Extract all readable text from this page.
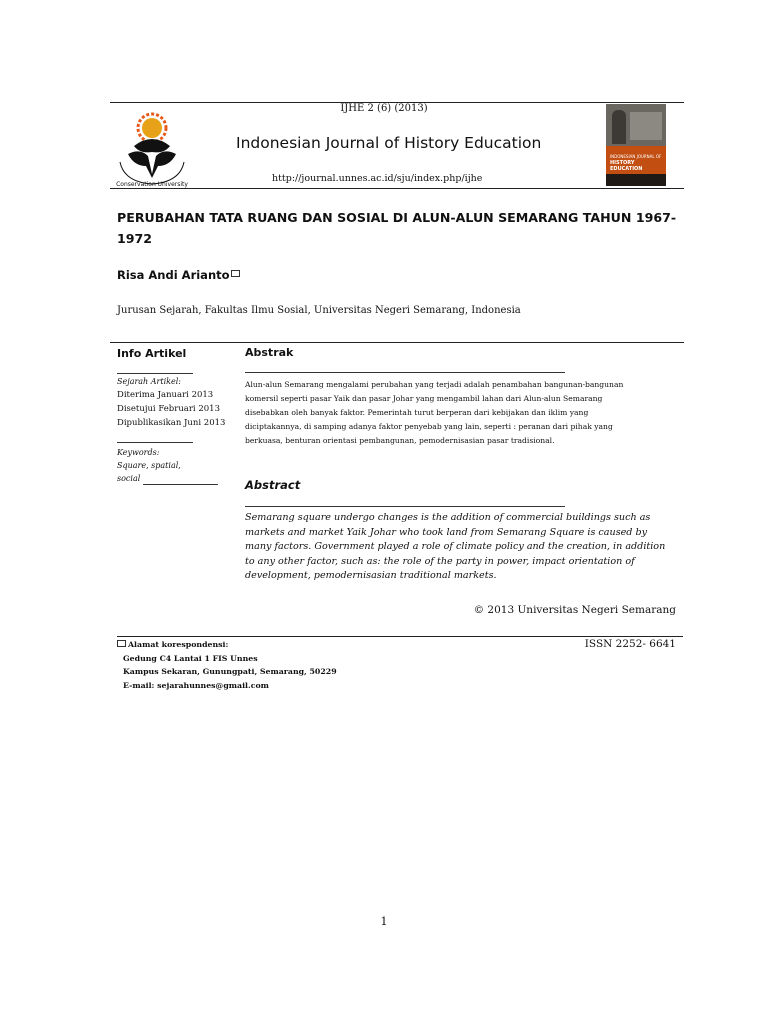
Conservation University
IJHE 2 (6) (2013)
Indonesian Journal of History Education
http://journal.unnes.ac.id/sju/index.php/ijhe
INDONESIAN JOURNAL OF
HISTORY EDUCATION
PERUBAHAN TATA RUANG DAN SOSIAL DI ALUN-ALUN SEMARANG TAHUN 1967-
1972
Risa Andi Arianto
Jurusan Sejarah, Fakultas Ilmu Sosial, Universitas Negeri Semarang, Indonesia
Info Artikel
Sejarah Artikel:
Diterima Januari 2013
Disetujui Februari 2013
Dipublikasikan Juni 2013
Keywords:
Square, spatial,
social
Abstrak
Alun-alun Semarang mengalami perubahan yang terjadi adalah penambahan bangunan-bangunan
komersil seperti pasar Yaik dan pasar Johar yang mengambil lahan dari Alun-alun Semarang
disebabkan oleh banyak faktor. Pemerintah turut berperan dari kebijakan dan iklim yang
diciptakannya, di samping adanya faktor penyebab yang lain, seperti : peranan dari pihak yang
berkuasa, benturan orientasi pembangunan, pemodernisasian pasar tradisional.
Abstract
Semarang square undergo changes is the addition of commercial buildings such as
markets and market Yaik Johar who took land from Semarang Square is caused by
many factors. Government played a role of climate policy and the creation, in addition
to any other factor, such as: the role of the party in power, impact orientation of
development, pemodernisasian traditional markets.
© 2013 Universitas Negeri Semarang
Alamat korespondensi:
Gedung C4 Lantai 1 FIS Unnes
Kampus Sekaran, Gunungpati, Semarang, 50229
E-mail: sejarahunnes@gmail.com
ISSN 2252- 6641
1
